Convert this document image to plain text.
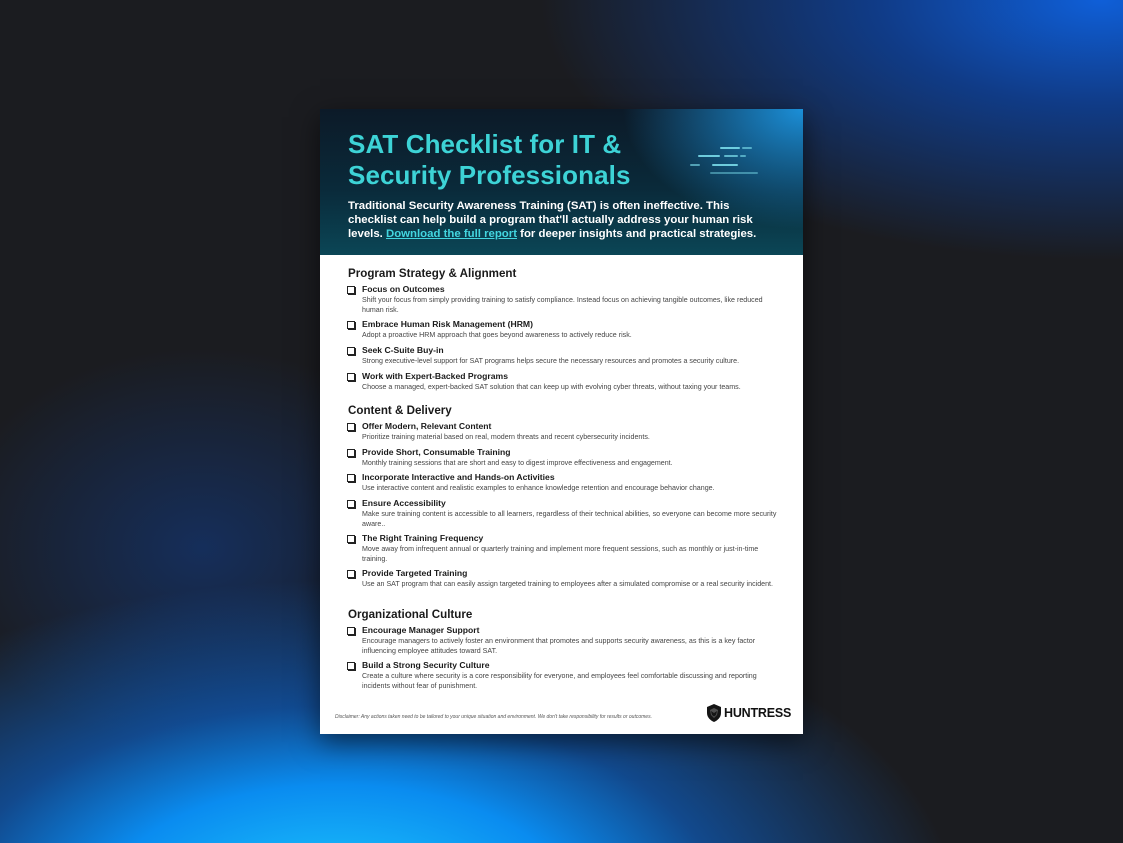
SAT Checklist for IT & Security Professionals
Traditional Security Awareness Training (SAT) is often ineffective. This checklist can help build a program that'll actually address your human risk levels. Download the full report for deeper insights and practical strategies.
Program Strategy & Alignment
Focus on Outcomes
Shift your focus from simply providing training to satisfy compliance. Instead focus on achieving tangible outcomes, like reduced human risk.
Embrace Human Risk Management (HRM)
Adopt a proactive HRM approach that goes beyond awareness to actively reduce risk.
Seek C-Suite Buy-in
Strong executive-level support for SAT programs helps secure the necessary resources and promotes a security culture.
Work with Expert-Backed Programs
Choose a managed, expert-backed SAT solution that can keep up with evolving cyber threats, without taxing your teams.
Content & Delivery
Offer Modern, Relevant Content
Prioritize training material based on real, modern threats and recent cybersecurity incidents.
Provide Short, Consumable Training
Monthly training sessions that are short and easy to digest improve effectiveness and engagement.
Incorporate Interactive and Hands-on Activities
Use interactive content and realistic examples to enhance knowledge retention and encourage behavior change.
Ensure Accessibility
Make sure training content is accessible to all learners, regardless of their technical abilities, so everyone can become more security aware..
The Right Training Frequency
Move away from infrequent annual or quarterly training and implement more frequent sessions, such as monthly or just-in-time training.
Provide Targeted Training
Use an SAT program that can easily assign targeted training to employees after a simulated compromise or a real security incident.
Organizational Culture
Encourage Manager Support
Encourage managers to actively foster an environment that promotes and supports security awareness, as this is a key factor influencing employee attitudes toward SAT.
Build a Strong Security Culture
Create a culture where security is a core responsibility for everyone, and employees feel comfortable discussing and reporting incidents without fear of punishment.
Disclaimer: Any actions taken need to be tailored to your unique situation and environment. We don't take responsibility for results or outcomes.	HUNTRESS
